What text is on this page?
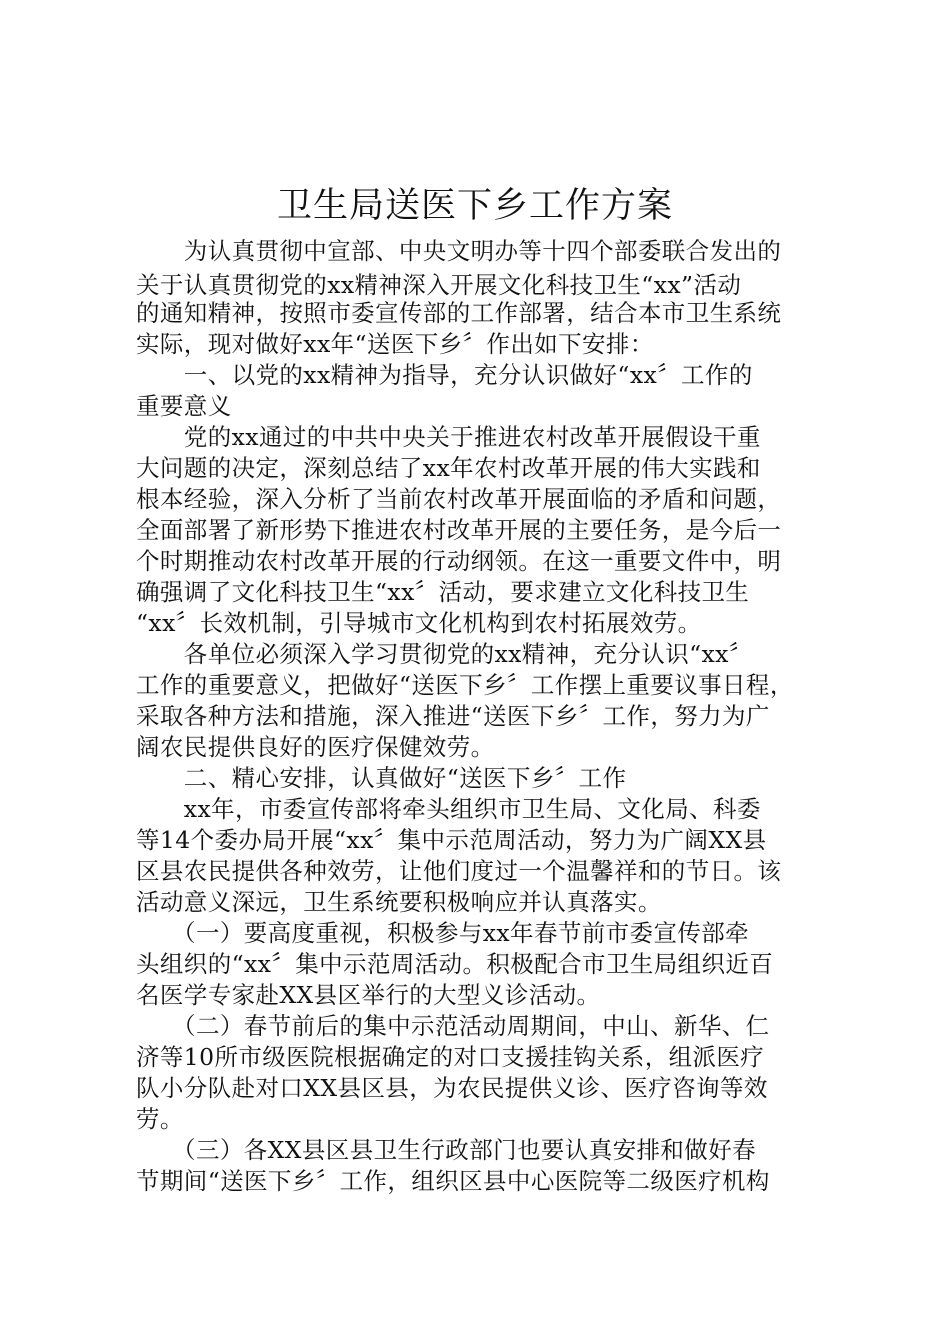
卫生局送医下乡工作方案
　　为认真贯彻中宣部、中央文明办等十四个部委联合发出的
关于认真贯彻党的xx精神深入开展文化科技卫生“xx”活动
的通知精神，按照市委宣传部的工作部署，结合本市卫生系统
实际，现对做好xx年“送医下乡〞作出如下安排：
　　一、以党的xx精神为指导，充分认识做好“xx〞工作的
重要意义
　　党的xx通过的中共中央关于推进农村改革开展假设干重
大问题的决定，深刻总结了xx年农村改革开展的伟大实践和
根本经验，深入分析了当前农村改革开展面临的矛盾和问题，
全面部署了新形势下推进农村改革开展的主要任务，是今后一
个时期推动农村改革开展的行动纲领。在这一重要文件中，明
确强调了文化科技卫生“xx〞活动，要求建立文化科技卫生
“xx〞长效机制，引导城市文化机构到农村拓展效劳。
　　各单位必须深入学习贯彻党的xx精神，充分认识“xx〞
工作的重要意义，把做好“送医下乡〞工作摆上重要议事日程，
采取各种方法和措施，深入推进“送医下乡〞工作，努力为广
阔农民提供良好的医疗保健效劳。
　　二、精心安排，认真做好“送医下乡〞工作
　　xx年，市委宣传部将牵头组织市卫生局、文化局、科委
等14个委办局开展“xx〞集中示范周活动，努力为广阔XX县
区县农民提供各种效劳，让他们度过一个温馨祥和的节日。该
活动意义深远，卫生系统要积极响应并认真落实。
　　（一）要高度重视，积极参与xx年春节前市委宣传部牵
头组织的“xx〞集中示范周活动。积极配合市卫生局组织近百
名医学专家赴XX县区举行的大型义诊活动。
　　（二）春节前后的集中示范活动周期间，中山、新华、仁
济等10所市级医院根据确定的对口支援挂钩关系，组派医疗
队小分队赴对口XX县区县，为农民提供义诊、医疗咨询等效
劳。
　　（三）各XX县区县卫生行政部门也要认真安排和做好春
节期间“送医下乡〞工作，组织区县中心医院等二级医疗机构
